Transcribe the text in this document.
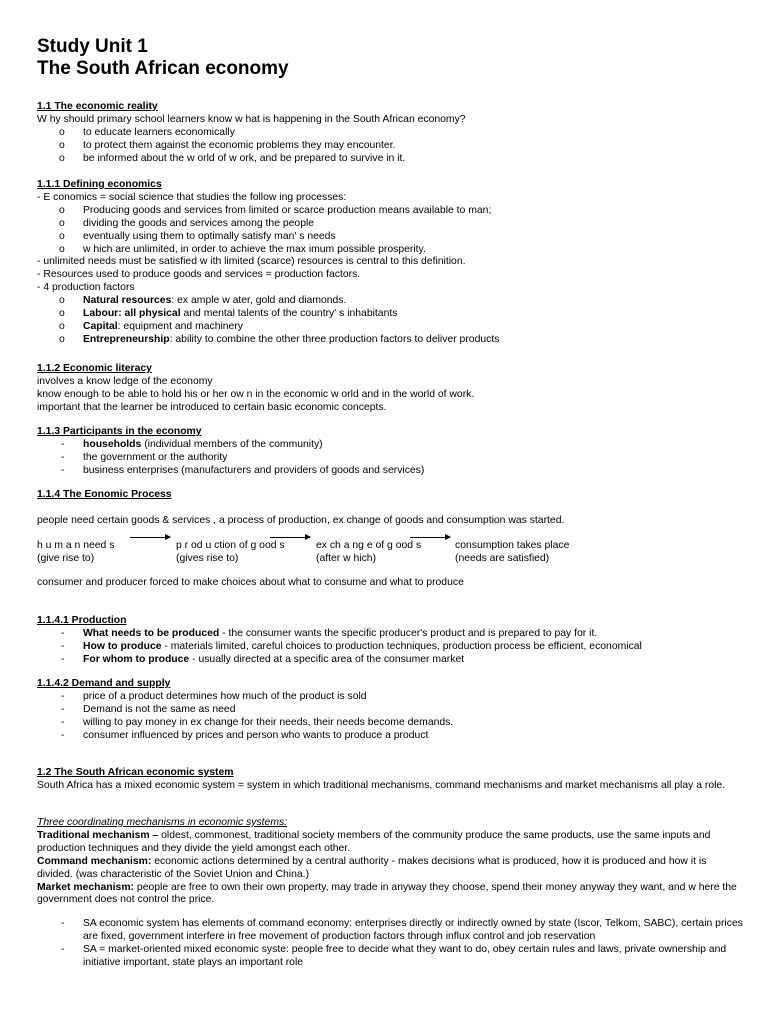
Study Unit 1
The South African economy
1.1 The economic reality
W hy should primary school learners know w hat is happening in the South African economy?
o to educate learners economically
o to protect them against the economic problems they may encounter.
o be informed about the w orld of w ork, and be prepared to survive in it.
1.1.1 Defining economics
- E conomics = social science that studies the follow ing processes:
o Producing goods and services from limited or scarce production means available to man;
o dividing the goods and services among the people
o eventually using them to optimally satisfy man' s needs
o w hich are unlimited, in order to achieve the max imum possible prosperity.
- unlimited needs must be satisfied w ith limited (scarce) resources is central to this definition.
- Resources used to produce goods and services = production factors.
- 4 production factors
o Natural resources: ex ample w ater, gold and diamonds.
o Labour: all physical and mental talents of the country' s inhabitants
o Capital: equipment and machinery
o Entrepreneurship: ability to combine the other three production factors to deliver products
1.1.2 Economic literacy
involves a know ledge of the economy
know enough to be able to hold his or her ow n in the economic w orld and in the world of work.
important that the learner be introduced to certain basic economic concepts.
1.1.3 Participants in the economy
- households (individual members of the community)
- the government or the authority
- business enterprises (manufacturers and providers of goods and services)
1.1.4 The Eonomic Process
people need certain goods & services , a process of production, ex change of goods and consumption was started.
h u m a n need s
(give rise to)
p r od u ction of g ood s
(gives rise to)
ex ch a ng e of g ood s
(after w hich)
consumption takes place
(needs are satisfied)
consumer and producer forced to make choices about what to consume and what to produce
1.1.4.1 Production
- What needs to be produced - the consumer wants the specific producer's product and is prepared to pay for it.
- How to produce - materials limited, careful choices to production techniques, production process be efficient, economical
- For whom to produce - usually directed at a specific area of the consumer market
1.1.4.2 Demand and supply
- price of a product determines how much of the product is sold
- Demand is not the same as need
- willing to pay money in ex change for their needs, their needs become demands.
- consumer influenced by prices and person who wants to produce a product
1.2 The South African economic system
South Africa has a mixed economic system = system in which traditional mechanisms, command mechanisms and market mechanisms all play a role.
Three coordinating mechanisms in economic systems:
Traditional mechanism – oldest, commonest, traditional society members of the community produce the same products, use the same inputs and production techniques and they divide the yield amongst each other.
Command mechanism: economic actions determined by a central authority - makes decisions what is produced, how it is produced and how it is divided. (was characteristic of the Soviet Union and China.)
Market mechanism: people are free to own their own property, may trade in anyway they choose, spend their money anyway they want, and w here the government does not control the price.
- SA economic system has elements of command economy: enterprises directly or indirectly owned by state (Iscor, Telkom, SABC), certain prices are fixed, government interfere in free movement of production factors through influx control and job reservation
- SA = market-oriented mixed economic syste: people free to decide what they want to do, obey certain rules and laws, private ownership and initiative important, state plays an important role
